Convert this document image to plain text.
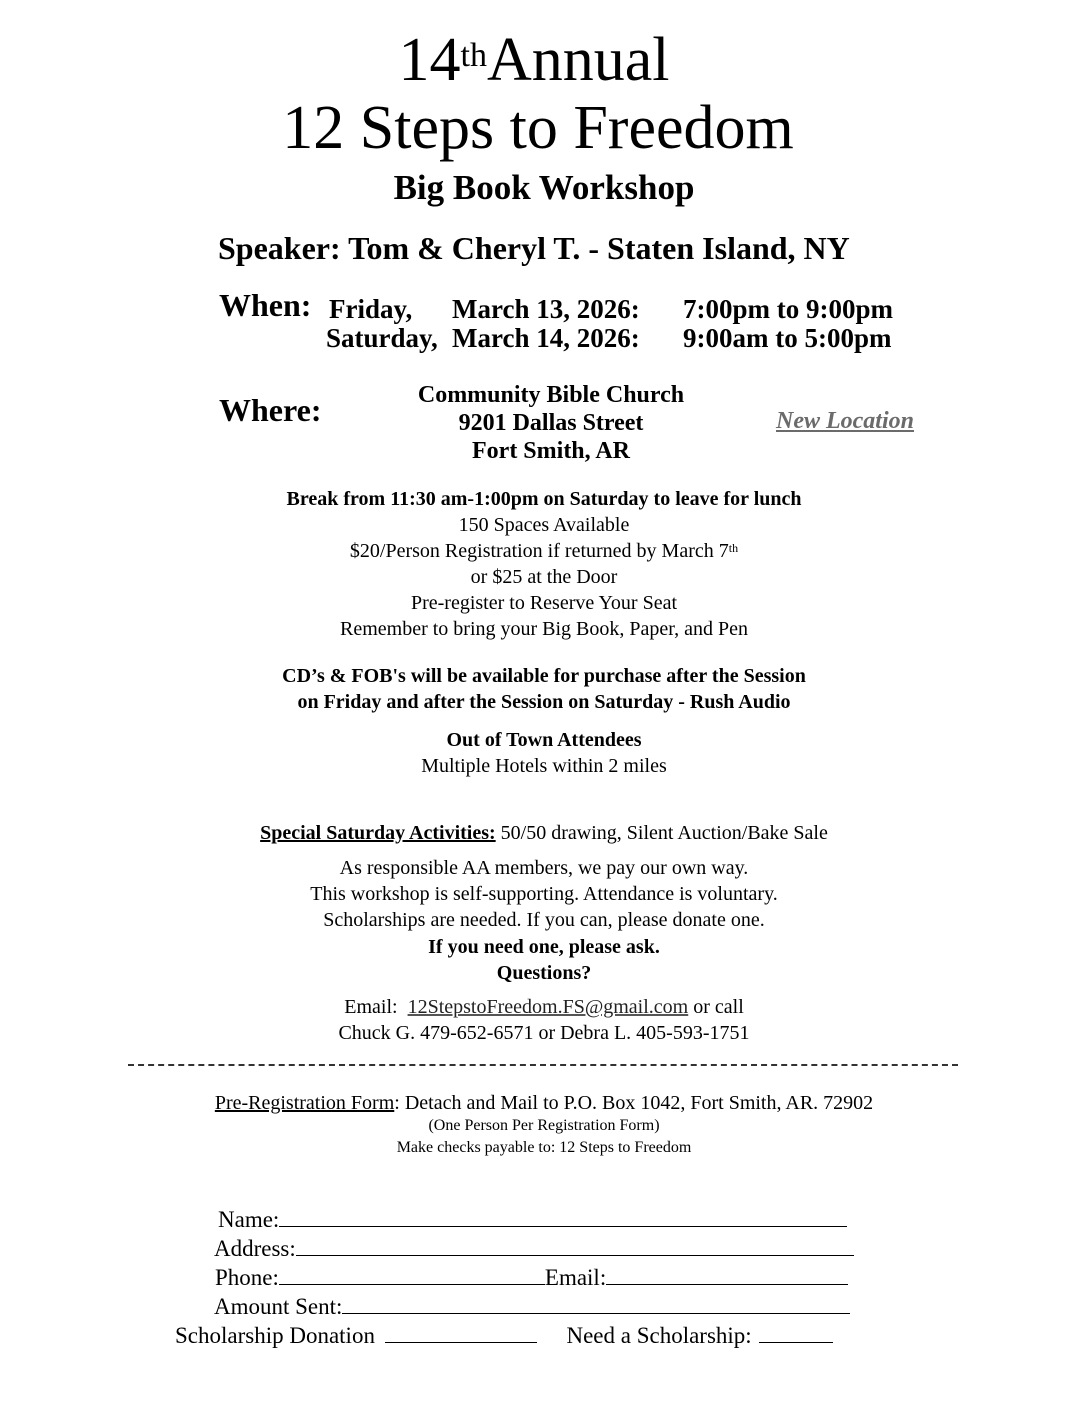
14thAnnual
12 Steps to Freedom
Big Book Workshop
Speaker: Tom & Cheryl T. - Staten Island, NY
When: Friday, March 13, 2026: 7:00pm to 9:00pm
Saturday, March 14, 2026: 9:00am to 5:00pm
Where:	Community Bible Church
9201 Dallas Street
Fort Smith, AR
New Location
Break from 11:30 am-1:00pm on Saturday to leave for lunch
150 Spaces Available
$20/Person Registration if returned by March 7th
or $25 at the Door
Pre-register to Reserve Your Seat
Remember to bring your Big Book, Paper, and Pen
CD’s & FOB's will be available for purchase after the Session
on Friday and after the Session on Saturday - Rush Audio
Out of Town Attendees
Multiple Hotels within 2 miles
Special Saturday Activities: 50/50 drawing, Silent Auction/Bake Sale
As responsible AA members, we pay our own way.
This workshop is self-supporting. Attendance is voluntary.
Scholarships are needed. If you can, please donate one.
If you need one, please ask.
Questions?
Email: 12StepstoFreedom.FS@gmail.com or call
Chuck G. 479-652-6571 or Debra L. 405-593-1751
Pre-Registration Form: Detach and Mail to P.O. Box 1042, Fort Smith, AR. 72902
(One Person Per Registration Form)
Make checks payable to: 12 Steps to Freedom
Name:
Address:
Phone:	Email:
Amount Sent:
Scholarship Donation	Need a Scholarship:
